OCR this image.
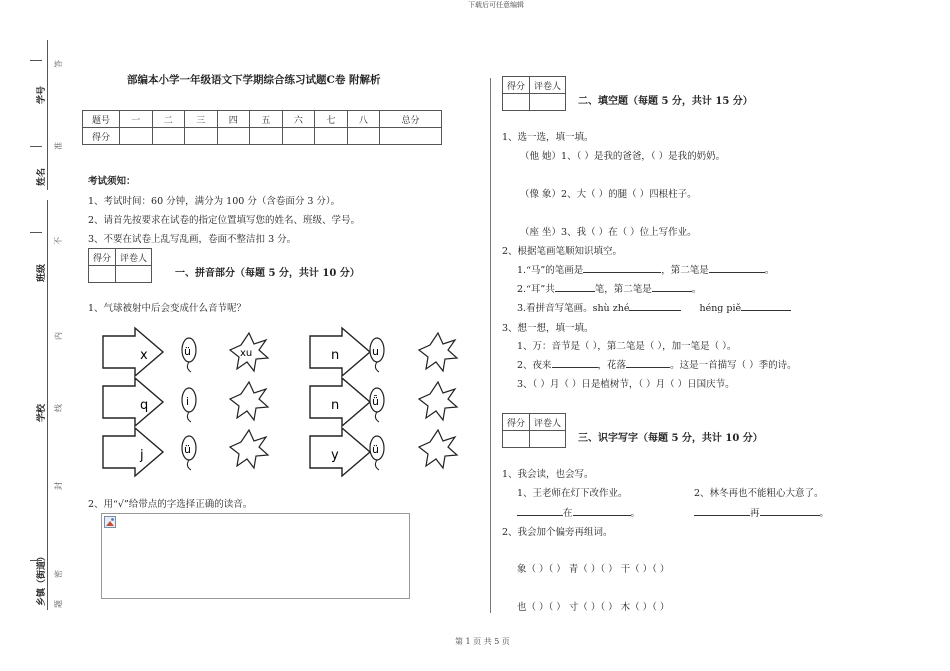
下载后可任意编辑
第 1 页 共 5 页
学号
姓名
班级
学校
乡镇（街道）
答
准
不
内
线
封
密
题
部编本小学一年级语文下学期综合练习试题C卷 附解析
题号	一	二	三	四	五	六	七	八	总分
得分									
考试须知：
1、考试时间：60 分钟，满分为 100 分（含卷面分 3 分）。
2、请首先按要求在试卷的指定位置填写您的姓名、班级、学号。
3、不要在试卷上乱写乱画，卷面不整洁扣 3 分。
得分	评卷人

一、拼音部分（每题 5 分，共计 10 分）
1、气球被射中后会变成什么音节呢？
x
q
j
ü
i
ü
xu	n
n
y
u
ǖ
ü
2、用“√”给带点的字选择正确的读音。
得分	评卷人

二、填空题（每题 5 分，共计 15 分）
1、选一选，填一填。
（他 她）1、（ ）是我的爸爸，（ ）是我的奶奶。
（像 象）2、大（ ）的腿（ ）四根柱子。
（座 坐）3、我（ ）在（ ）位上写作业。
2、根据笔画笔顺知识填空。
1.“马”的笔画是	，第二笔是	。
2.“耳”共	笔，第二笔是	。
3.看拼音写笔画。shù zhé	héng piě
3、想一想，填一填。
1、万：音节是（ ），第二笔是（ ），加一笔是（ ）。
2、夜来	，花落	。这是一首描写（ ）季的诗。
3、（ ）月（ ）日是植树节，（ ）月（ ）日国庆节。
得分	评卷人

三、识字写字（每题 5 分，共计 10 分）
1、我会读，也会写。
1、王老师在灯下改作业。	2、林冬再也不能粗心大意了。
在	。	再	。
2、我会加个偏旁再组词。
象（ ）（ ） 青（ ）（ ） 干（ ）（ ）
也（ ）（ ） 寸（ ）（ ） 木（ ）（ ）
